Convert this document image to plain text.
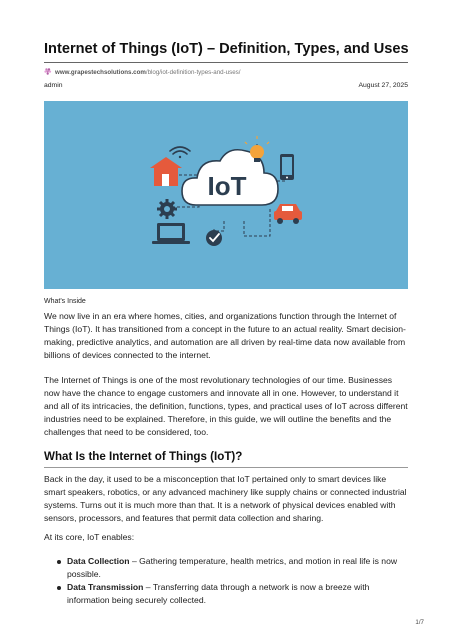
Internet of Things (IoT) – Definition, Types, and Uses
www.grapestechsolutions.com/blog/iot-definition-types-and-uses/
admin	August 27, 2025
IoT
What's Inside

We now live in an era where homes, cities, and organizations function through the Internet of Things (IoT). It has transitioned from a concept in the future to an actual reality. Smart decision-making, predictive analytics, and automation are all driven by real-time data now available from billions of devices connected to the internet.

The Internet of Things is one of the most revolutionary technologies of our time. Businesses now have the chance to engage customers and innovate all in one. However, to understand it and all of its intricacies, the definition, functions, types, and practical uses of IoT across different industries need to be explained. Therefore, in this guide, we will outline the benefits and the challenges that need to be considered, too.

What Is the Internet of Things (IoT)?

Back in the day, it used to be a misconception that IoT pertained only to smart devices like smart speakers, robotics, or any advanced machinery like supply chains or connected industrial systems. Turns out it is much more than that. It is a network of physical devices enabled with sensors, processors, and features that permit data collection and sharing.

At its core, IoT enables:

Data Collection – Gathering temperature, health metrics, and motion in real life is now possible.
Data Transmission – Transferring data through a network is now a breeze with information being securely collected.
1/7
